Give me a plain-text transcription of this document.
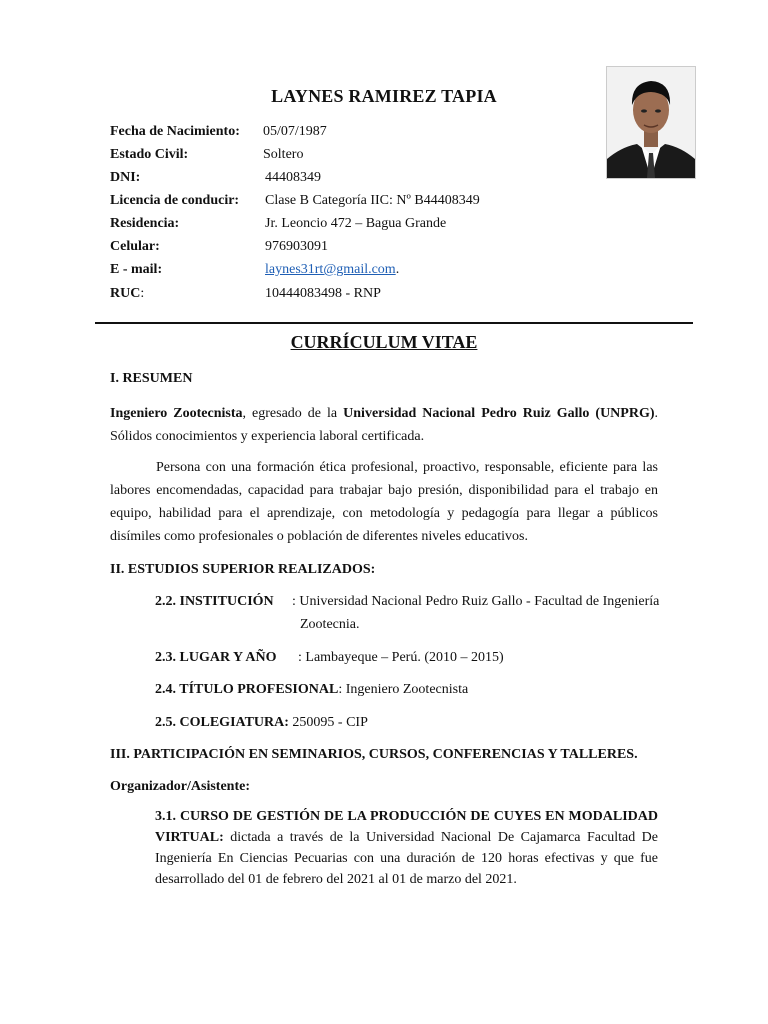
LAYNES RAMIREZ TAPIA
Fecha de Nacimiento: 05/07/1987
Estado Civil:	Soltero
DNI:	44408349
Licencia de conducir: Clase B Categoría IIC: Nº B44408349
Residencia:	Jr. Leoncio 472 – Bagua Grande
Celular:	976903091
E - mail:	laynes31rt@gmail.com.
RUC:	10444083498 - RNP
CURRÍCULUM VITAE
I. RESUMEN
Ingeniero Zootecnista, egresado de la Universidad Nacional Pedro Ruiz Gallo (UNPRG). Sólidos conocimientos y experiencia laboral certificada.
Persona con una formación ética profesional, proactivo, responsable, eficiente para las labores encomendadas, capacidad para trabajar bajo presión, disponibilidad para el trabajo en equipo, habilidad para el aprendizaje, con metodología y pedagogía para llegar a públicos disímiles como profesionales o población de diferentes niveles educativos.
II. ESTUDIOS SUPERIOR REALIZADOS:
2.2. INSTITUCIÓN : Universidad Nacional Pedro Ruiz Gallo - Facultad de Ingeniería
Zootecnia.
2.3. LUGAR Y AÑO : Lambayeque – Perú. (2010 – 2015)
2.4. TÍTULO PROFESIONAL: Ingeniero Zootecnista
2.5. COLEGIATURA: 250095 - CIP
III. PARTICIPACIÓN EN SEMINARIOS, CURSOS, CONFERENCIAS Y TALLERES.
Organizador/Asistente:
3.1. CURSO DE GESTIÓN DE LA PRODUCCIÓN DE CUYES EN MODALIDAD VIRTUAL: dictada a través de la Universidad Nacional De Cajamarca Facultad De Ingeniería En Ciencias Pecuarias con una duración de 120 horas efectivas y que fue desarrollado del 01 de febrero del 2021 al 01 de marzo del 2021.
